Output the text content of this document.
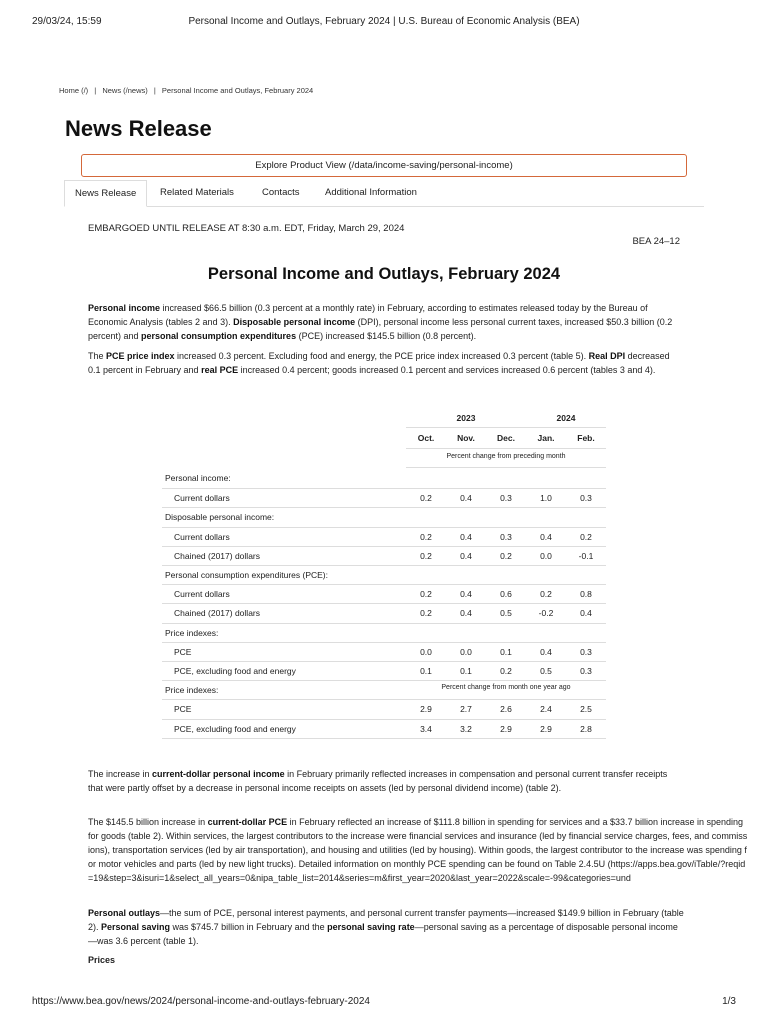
29/03/24, 15:59	Personal Income and Outlays, February 2024 | U.S. Bureau of Economic Analysis (BEA)
Home (/) | News (/news) | Personal Income and Outlays, February 2024
News Release
Explore Product View (/data/income-saving/personal-income)
News Release	Related Materials	Contacts	Additional Information
EMBARGOED UNTIL RELEASE AT 8:30 a.m. EDT, Friday, March 29, 2024
BEA 24–12
Personal Income and Outlays, February 2024
Personal income increased $66.5 billion (0.3 percent at a monthly rate) in February, according to estimates released today by the Bureau of Economic Analysis (tables 2 and 3). Disposable personal income (DPI), personal income less personal current taxes, increased $50.3 billion (0.2 percent) and personal consumption expenditures (PCE) increased $145.5 billion (0.8 percent).
The PCE price index increased 0.3 percent. Excluding food and energy, the PCE price index increased 0.3 percent (table 5). Real DPI decreased 0.1 percent in February and real PCE increased 0.4 percent; goods increased 0.1 percent and services increased 0.6 percent (tables 3 and 4).
2023	2024
Oct.	Nov.	Dec.	Jan.	Feb.
Percent change from preceding month
Personal income:
Current dollars	0.2	0.4	0.3	1.0	0.3
Disposable personal income:
Current dollars	0.2	0.4	0.3	0.4	0.2
Chained (2017) dollars	0.2	0.4	0.2	0.0	-0.1
Personal consumption expenditures (PCE):
Current dollars	0.2	0.4	0.6	0.2	0.8
Chained (2017) dollars	0.2	0.4	0.5	-0.2	0.4
Price indexes:
PCE	0.0	0.0	0.1	0.4	0.3
PCE, excluding food and energy	0.1	0.1	0.2	0.5	0.3
Price indexes:
PCE	2.9	2.7	2.6	2.4	2.5
PCE, excluding food and energy	3.4	3.2	2.9	2.9	2.8
Percent change from month one year ago
The increase in current-dollar personal income in February primarily reflected increases in compensation and personal current transfer receipts that were partly offset by a decrease in personal income receipts on assets (led by personal dividend income) (table 2).
The $145.5 billion increase in current-dollar PCE in February reflected an increase of $111.8 billion in spending for services and a $33.7 billion increase in spending for goods (table 2). Within services, the largest contributors to the increase were financial services and insurance (led by financial service charges, fees, and commissions), transportation services (led by air transportation), and housing and utilities (led by housing). Within goods, the largest contributor to the increase was spending for motor vehicles and parts (led by new light trucks). Detailed information on monthly PCE spending can be found on Table 2.4.5U (https://apps.bea.gov/iTable/?reqid=19&step=3&isuri=1&select_all_years=0&nipa_table_list=2014&series=m&first_year=2020&last_year=2022&scale=-99&categories=und
Personal outlays—the sum of PCE, personal interest payments, and personal current transfer payments—increased $149.9 billion in February (table 2). Personal saving was $745.7 billion in February and the personal saving rate—personal saving as a percentage of disposable personal income—was 3.6 percent (table 1).
Prices
https://www.bea.gov/news/2024/personal-income-and-outlays-february-2024	1/3
